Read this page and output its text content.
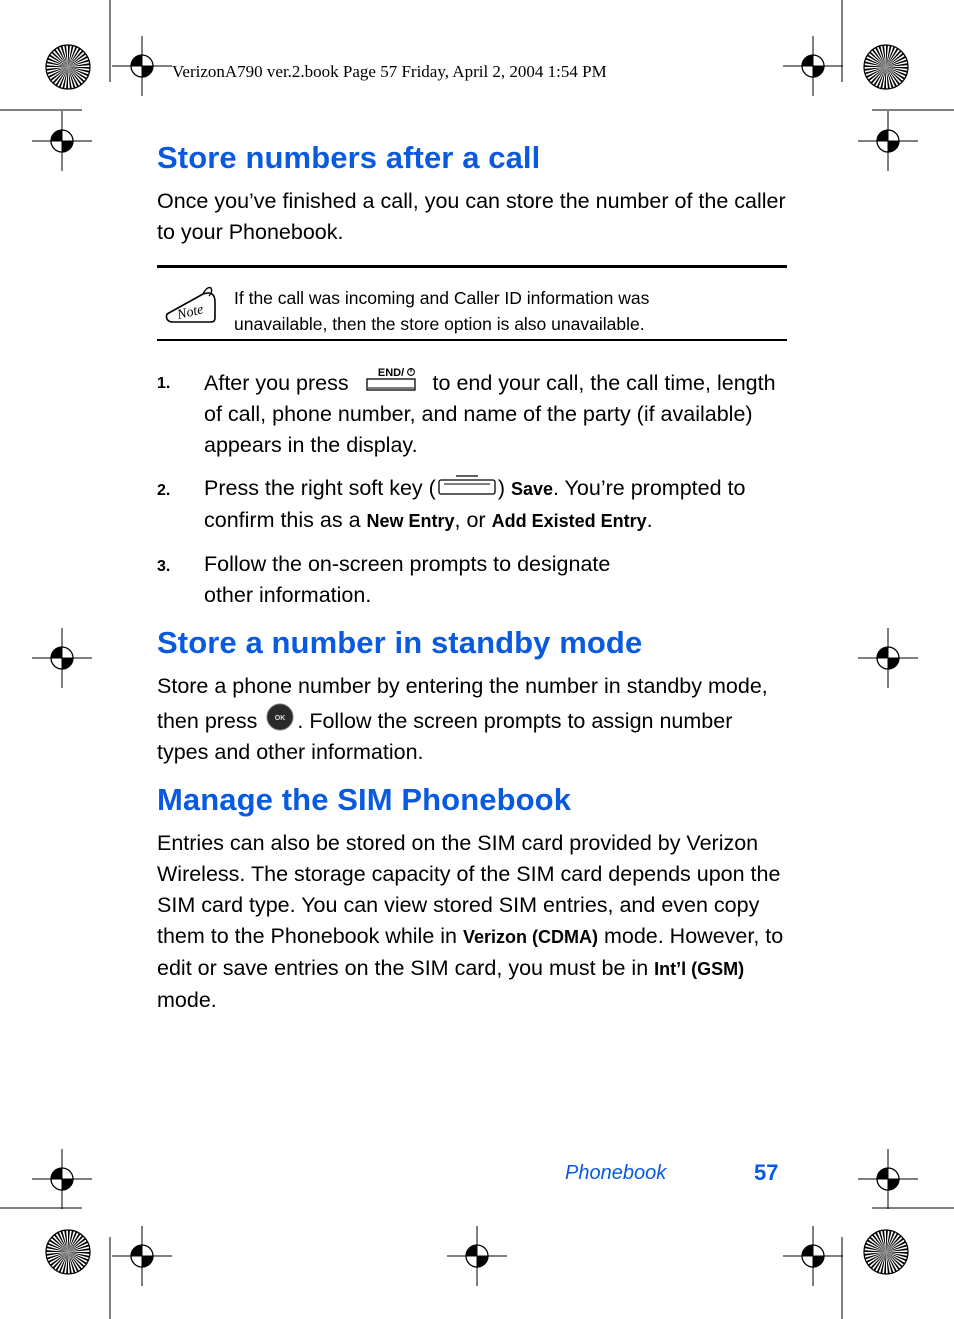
VerizonA790 ver.2.book Page 57 Friday, April 2, 2004 1:54 PM
Store numbers after a call

Once you’ve finished a call, you can store the number of the caller to your Phonebook.

Note
If the call was incoming and Caller ID information was
unavailable, then the store option is also unavailable.
1. After you press	END/ to end your call, the call time, length of call, phone number, and name of the party (if available) appears in the display.
2. Press the right soft key (	) Save. You’re prompted to confirm this as a New Entry, or Add Existed Entry.
3. Follow the on-screen prompts to designate
other information.
Store a number in standby mode

Store a phone number by entering the number in standby mode, then press	OK . Follow the screen prompts to assign number types and other information.

Manage the SIM Phonebook

Entries can also be stored on the SIM card provided by Verizon Wireless. The storage capacity of the SIM card depends upon the SIM card type. You can view stored SIM entries, and even copy them to the Phonebook while in Verizon (CDMA) mode. However, to edit or save entries on the SIM card, you must be in Int’l (GSM) mode.

Phonebook	57
